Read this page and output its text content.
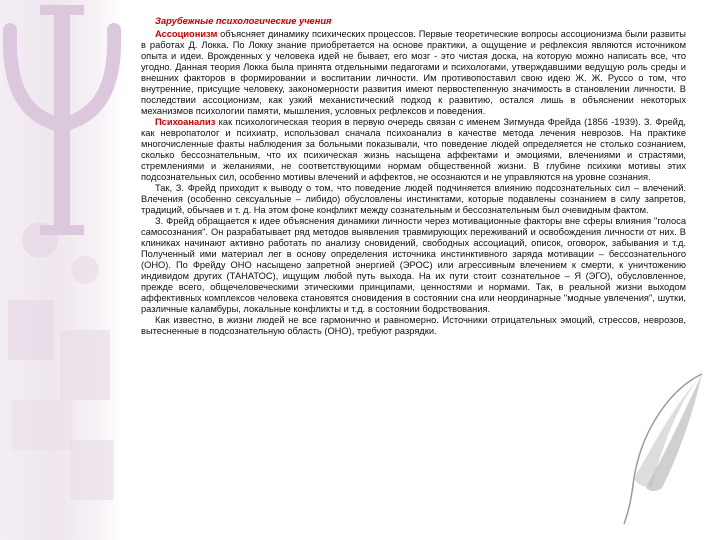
Зарубежные психологические учения

Ассоционизм объясняет динамику психических процессов. Первые теоретические вопросы ассоционизма были развиты в работах Д. Локка. По Локку знание приобретается на основе практики, а ощущение и рефлексия являются источником опыта и идеи. Врожденных у человека идей не бывает, его мозг - это чистая доска, на которую можно написать все, что угодно. Данная теория Локка была принята отдельными педагогами и психологами, утверждавшими ведущую роль среды и внешних факторов в формировании и воспитании личности. Им противопоставил свою идею Ж. Ж. Руссо о том, что внутренние, присущие человеку, закономерности развития имеют первостепенную значимость в становлении личности. В последствии ассоционизм, как узкий механистический подход к развитию, остался лишь в объяснении некоторых механизмов психологии памяти, мышления, условных рефлексов и поведения.

Психоанализ как психологическая теория в первую очередь связан с именем Зигмунда Фрейда (1856 -1939). З. Фрейд, как невропатолог и психиатр, использовал сначала психоанализ в качестве метода лечения неврозов. На практике многочисленные факты наблюдения за больными показывали, что поведение людей определяется не столько сознанием, сколько бессознательным, что их психическая жизнь насыщена аффектами и эмоциями, влечениями и страстями, стремлениями и желаниями, не соответствующими нормам общественной жизни. В глубине психики мотивы этих подсознательных сил, особенно мотивы влечений и аффектов, не осознаются и не управляются на уровне сознания.

Так, З. Фрейд приходит к выводу о том, что поведение людей подчиняется влиянию подсознательных сил – влечений. Влечения (особенно сексуальные – либидо) обусловлены инстинктами, которые подавлены сознанием в силу запретов, традиций, обычаев и т. д. На этом фоне конфликт между сознательным и бессознательным был очевидным фактом.

З. Фрейд обращается к идее объяснения динамики личности через мотивационные факторы вне сферы влияния "голоса самосознания". Он разрабатывает ряд методов выявления травмирующих переживаний и освобождения личности от них. В клиниках начинают активно работать по анализу сновидений, свободных ассоциаций, описок, оговорок, забывания и т.д. Полученный ими материал лег в основу определения источника инстинктивного заряда мотивации – бессознательного (ОНО). По Фрейду ОНО насыщено запретной энергией (ЭРОС) или агрессивным влечением к смерти, к уничтожению индивидом других (ТАНАТОС), ищущим любой путь выхода. На их пути стоит сознательное – Я (ЭГО), обусловленное, прежде всего, общечеловеческими этическими принципами, ценностями и нормами. Так, в реальной жизни выходом аффективных комплексов человека становятся сновидения в состоянии сна или неординарные "модные увлечения", шутки, различные каламбуры, локальные конфликты и т.д. в состоянии бодрствования.

Как известно, в жизни людей не все гармонично и равномерно. Источники отрицательных эмоций, стрессов, неврозов, вытесненные в подсознательную область (ОНО), требуют разрядки.
